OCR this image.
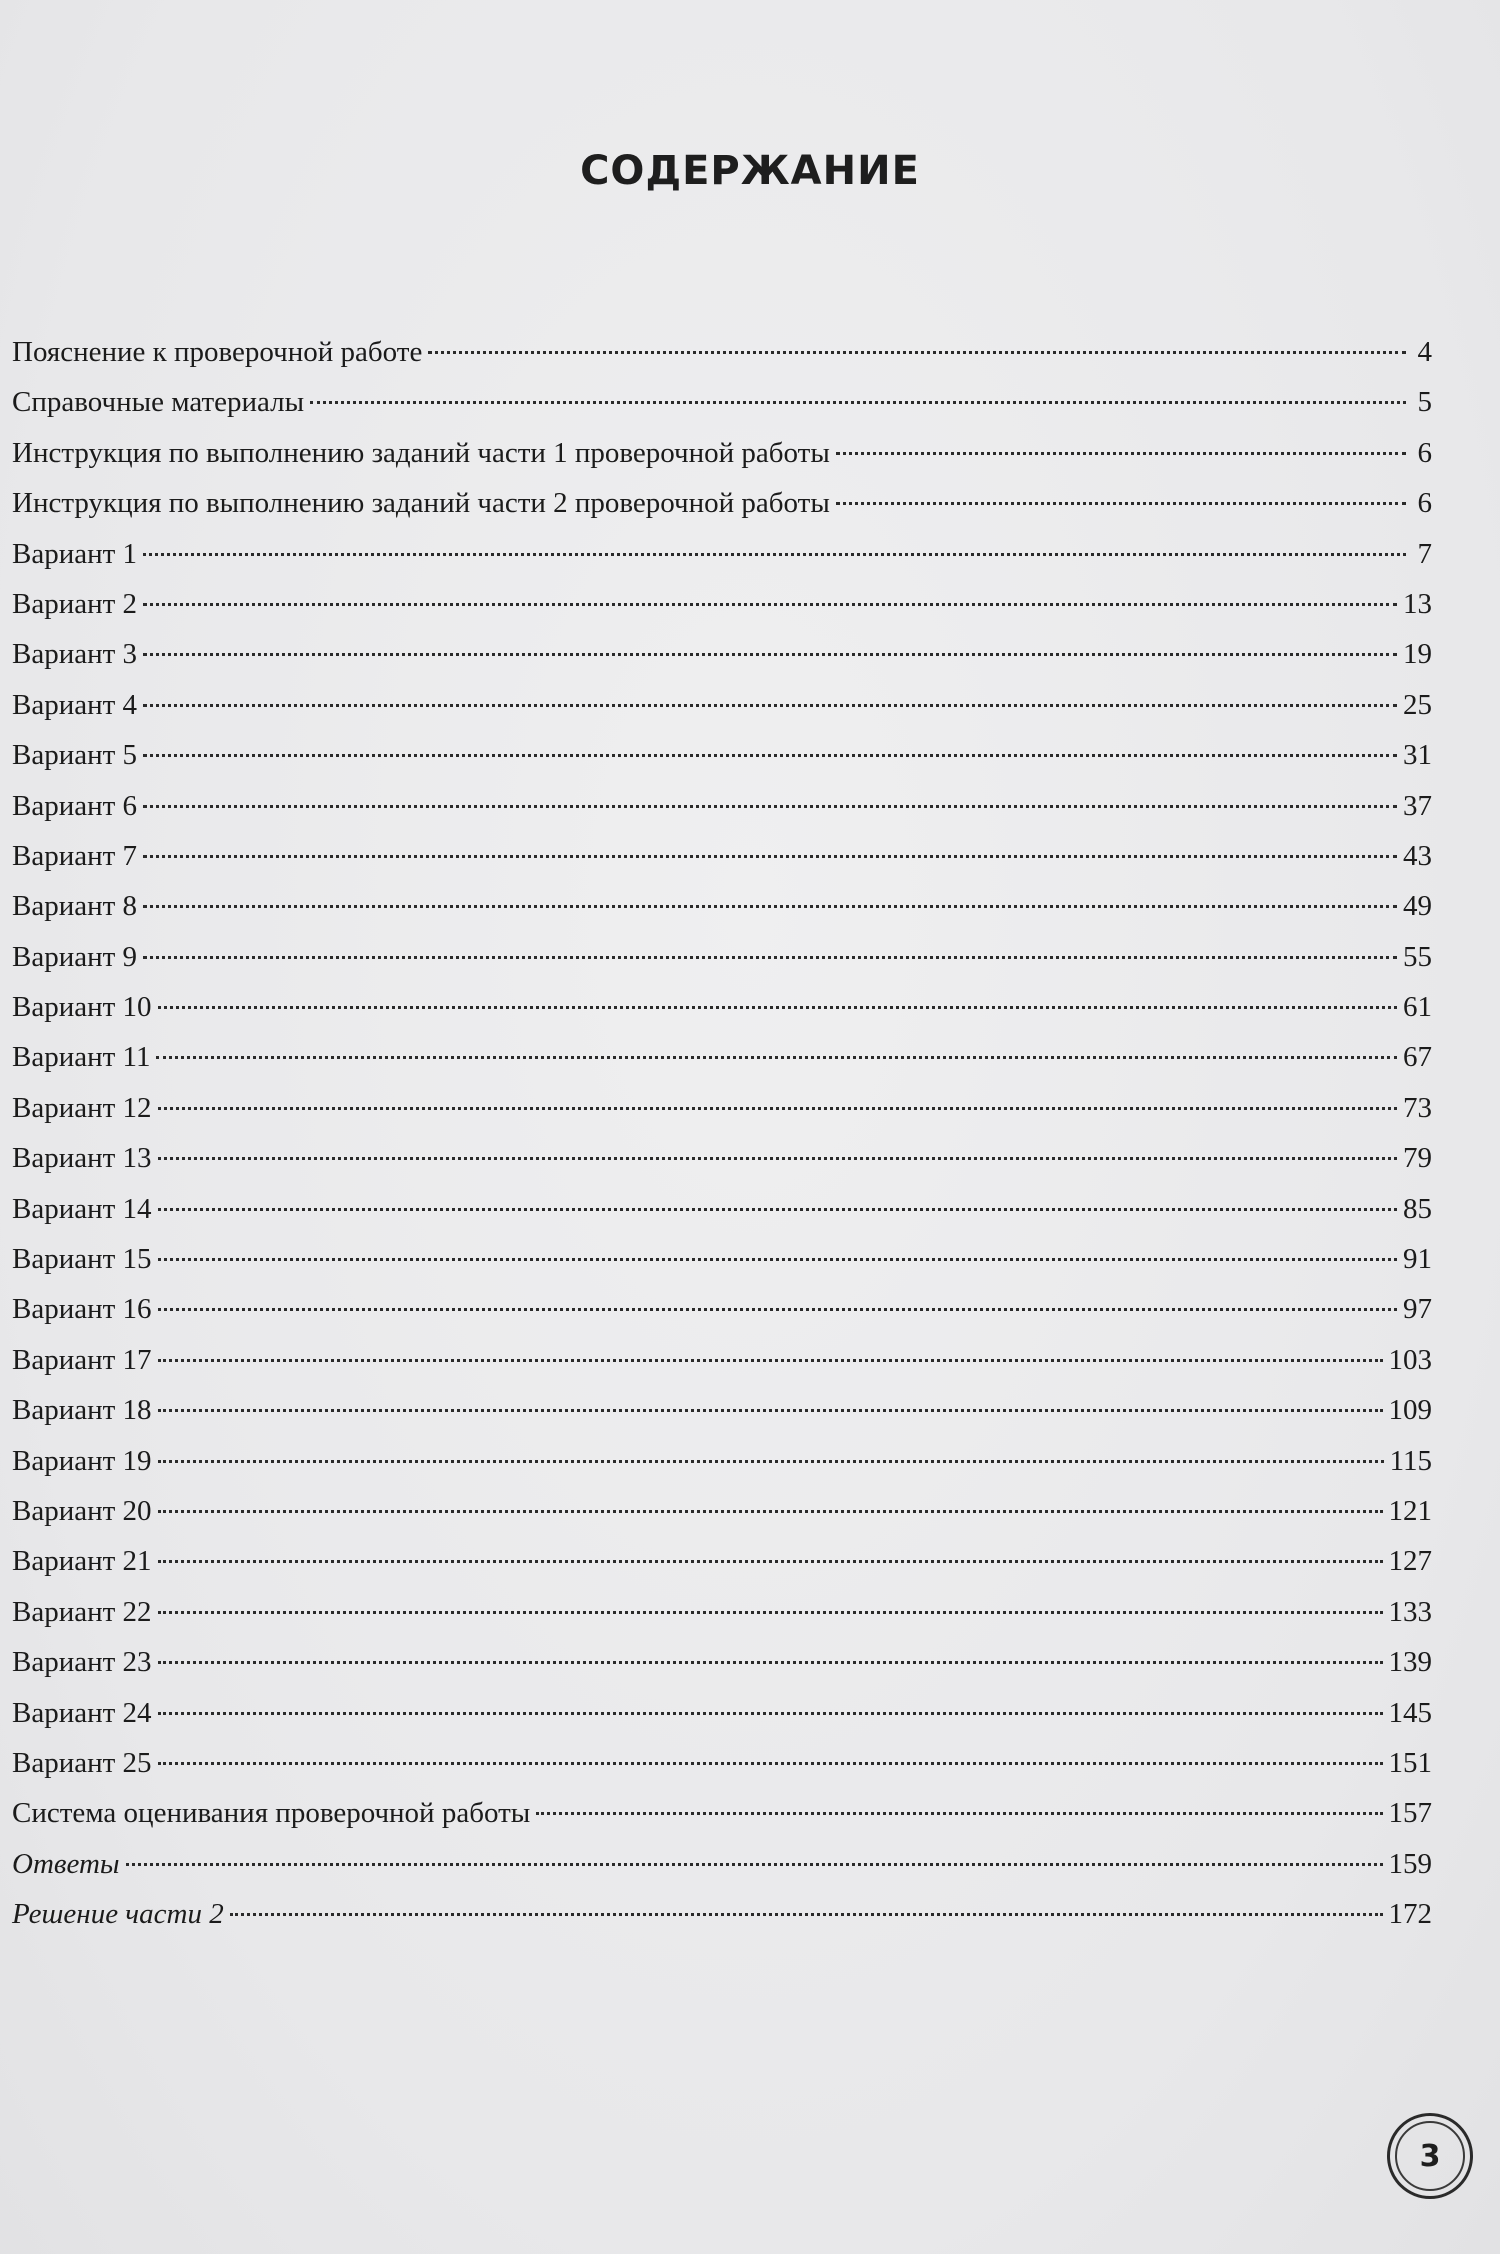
СОДЕРЖАНИЕ
Пояснение к проверочной работе	4
Справочные материалы	5
Инструкция по выполнению заданий части 1 проверочной работы	6
Инструкция по выполнению заданий части 2 проверочной работы	6
Вариант 1	7
Вариант 2	13
Вариант 3	19
Вариант 4	25
Вариант 5	31
Вариант 6	37
Вариант 7	43
Вариант 8	49
Вариант 9	55
Вариант 10	61
Вариант 11	67
Вариант 12	73
Вариант 13	79
Вариант 14	85
Вариант 15	91
Вариант 16	97
Вариант 17	103
Вариант 18	109
Вариант 19	115
Вариант 20	121
Вариант 21	127
Вариант 22	133
Вариант 23	139
Вариант 24	145
Вариант 25	151
Система оценивания проверочной работы	157
Ответы	159
Решение части 2	172
3
